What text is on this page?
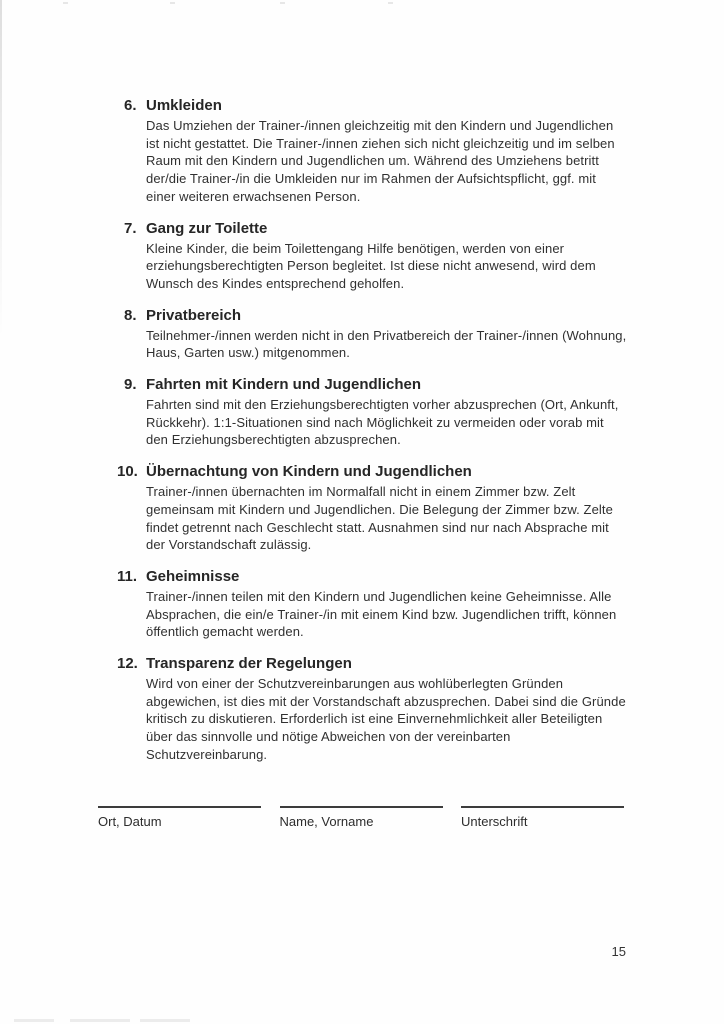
6. Umkleiden
Das Umziehen der Trainer-/innen gleichzeitig mit den Kindern und Jugendlichen ist nicht gestattet. Die Trainer-/innen ziehen sich nicht gleichzeitig und im selben Raum mit den Kindern und Jugendlichen um. Während des Umziehens betritt der/die Trainer-/in die Umkleiden nur im Rahmen der Aufsichtspflicht, ggf. mit einer weiteren erwachsenen Person.
7. Gang zur Toilette
Kleine Kinder, die beim Toilettengang Hilfe benötigen, werden von einer erziehungsberechtigten Person begleitet. Ist diese nicht anwesend, wird dem Wunsch des Kindes entsprechend geholfen.
8. Privatbereich
Teilnehmer-/innen werden nicht in den Privatbereich der Trainer-/innen (Wohnung, Haus, Garten usw.) mitgenommen.
9. Fahrten mit Kindern und Jugendlichen
Fahrten sind mit den Erziehungsberechtigten vorher abzusprechen (Ort, Ankunft, Rückkehr). 1:1-Situationen sind nach Möglichkeit zu vermeiden oder vorab mit den Erziehungsberechtigten abzusprechen.
10. Übernachtung von Kindern und Jugendlichen
Trainer-/innen übernachten im Normalfall nicht in einem Zimmer bzw. Zelt gemeinsam mit Kindern und Jugendlichen. Die Belegung der Zimmer bzw. Zelte findet getrennt nach Geschlecht statt. Ausnahmen sind nur nach Absprache mit der Vorstandschaft zulässig.
11. Geheimnisse
Trainer-/innen teilen mit den Kindern und Jugendlichen keine Geheimnisse. Alle Absprachen, die ein/e Trainer-/in mit einem Kind bzw. Jugendlichen trifft, können öffentlich gemacht werden.
12. Transparenz der Regelungen
Wird von einer der Schutzvereinbarungen aus wohlüberlegten Gründen abgewichen, ist dies mit der Vorstandschaft abzusprechen. Dabei sind die Gründe kritisch zu diskutieren. Erforderlich ist eine Einvernehmlichkeit aller Beteiligten über das sinnvolle und nötige Abweichen von der vereinbarten Schutzvereinbarung.
Ort, Datum	Name, Vorname	Unterschrift
15
